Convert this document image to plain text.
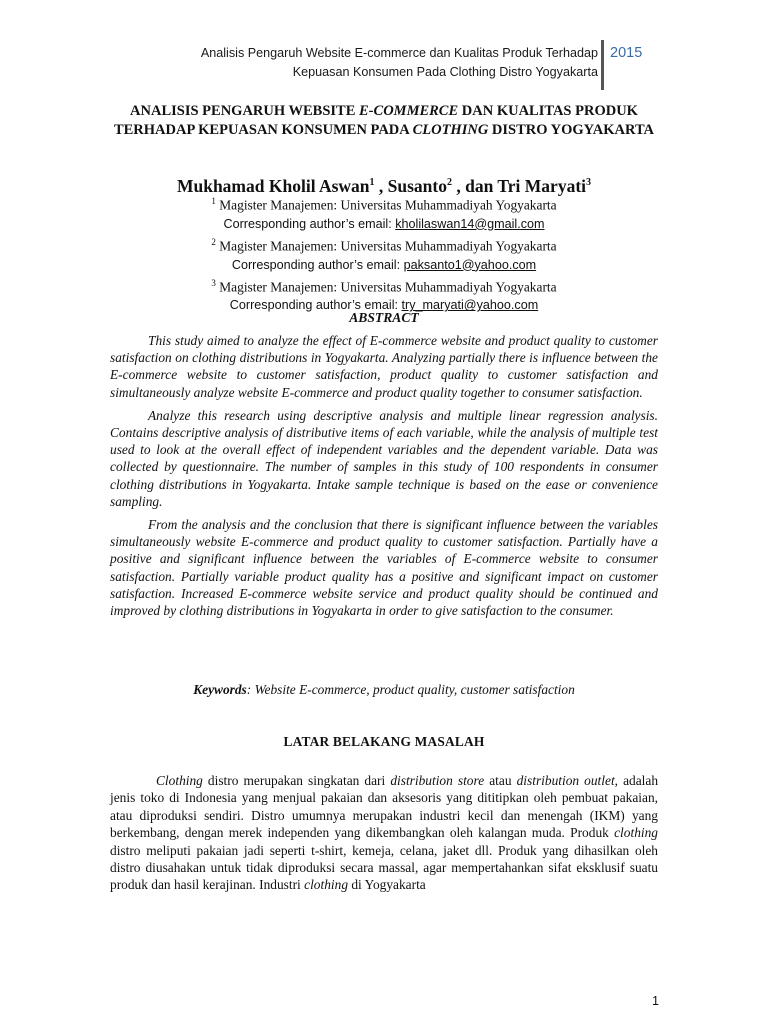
Analisis Pengaruh Website E-commerce dan Kualitas Produk Terhadap
Kepuasan Konsumen Pada Clothing Distro Yogyakarta
2015
ANALISIS PENGARUH WEBSITE E-COMMERCE DAN KUALITAS PRODUK TERHADAP KEPUASAN KONSUMEN PADA CLOTHING DISTRO YOGYAKARTA
Mukhamad Kholil Aswan$^1$ , Susanto$^2$ , dan Tri Maryati$^3$
$^1$ Magister Manajemen: Universitas Muhammadiyah Yogyakarta
Corresponding author’s email: kholilaswan14@gmail.com
$^2$ Magister Manajemen: Universitas Muhammadiyah Yogyakarta
Corresponding author’s email: paksanto1@yahoo.com
$^3$ Magister Manajemen: Universitas Muhammadiyah Yogyakarta
Corresponding author’s email: try_maryati@yahoo.com
ABSTRACT

This study aimed to analyze the effect of E-commerce website and product quality to customer satisfaction on clothing distributions in Yogyakarta. Analyzing partially there is influence between the E-commerce website to customer satisfaction, product quality to customer satisfaction and simultaneously analyze website E-commerce and product quality together to consumer satisfaction.

Analyze this research using descriptive analysis and multiple linear regression analysis. Contains descriptive analysis of distributive items of each variable, while the analysis of multiple test used to look at the overall effect of independent variables and the dependent variable. Data was collected by questionnaire. The number of samples in this study of 100 respondents in consumer clothing distributions in Yogyakarta. Intake sample technique is based on the ease or convenience sampling.

From the analysis and the conclusion that there is significant influence between the variables simultaneously website E-commerce and product quality to customer satisfaction. Partially have a positive and significant influence between the variables of E-commerce website to consumer satisfaction. Partially variable product quality has a positive and significant impact on customer satisfaction. Increased E-commerce website service and product quality should be continued and improved by clothing distributions in Yogyakarta in order to give satisfaction to the consumer.

Keywords: Website E-commerce, product quality, customer satisfaction
LATAR BELAKANG MASALAH

Clothing distro merupakan singkatan dari distribution store atau distribution outlet, adalah jenis toko di Indonesia yang menjual pakaian dan aksesoris yang dititipkan oleh pembuat pakaian, atau diproduksi sendiri. Distro umumnya merupakan industri kecil dan menengah (IKM) yang berkembang, dengan merek independen yang dikembangkan oleh kalangan muda. Produk clothing distro meliputi pakaian jadi seperti t-shirt, kemeja, celana, jaket dll. Produk yang dihasilkan oleh distro diusahakan untuk tidak diproduksi secara massal, agar mempertahankan sifat eksklusif suatu produk dan hasil kerajinan. Industri clothing di Yogyakarta

1
